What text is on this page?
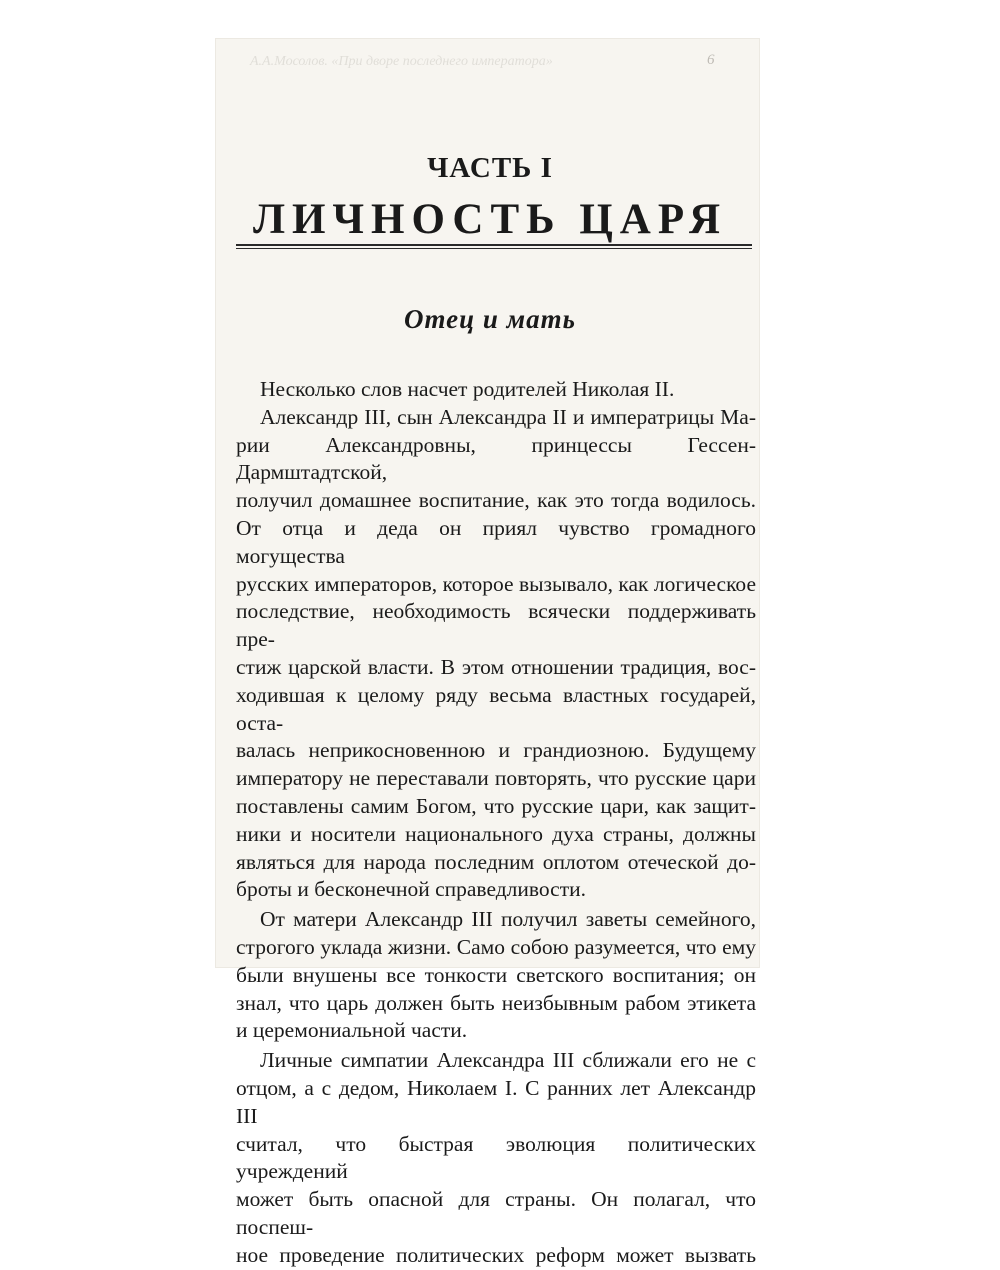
А.А.Мосолов. «При дворе последнего императора»	6
ЧАСТЬ I
ЛИЧНОСТЬ ЦАРЯ
Отец и мать
Несколько слов насчет родителей Николая II.
Александр III, сын Александра II и императрицы Ма-
рии Александровны, принцессы Гессен-Дармштадтской,
получил домашнее воспитание, как это тогда водилось.
От отца и деда он приял чувство громадного могущества
русских императоров, которое вызывало, как логическое
последствие, необходимость всячески поддерживать пре-
стиж царской власти. В этом отношении традиция, вос-
ходившая к целому ряду весьма властных государей, оста-
валась неприкосновенною и грандиозною. Будущему
императору не переставали повторять, что русские цари
поставлены самим Богом, что русские цари, как защит-
ники и носители национального духа страны, должны
являться для народа последним оплотом отеческой до-
броты и бесконечной справедливости.
От матери Александр III получил заветы семейного,
строгого уклада жизни. Само собою разумеется, что ему
были внушены все тонкости светского воспитания; он
знал, что царь должен быть неизбывным рабом этикета
и церемониальной части.
Личные симпатии Александра III сближали его не с
отцом, а с дедом, Николаем I. С ранних лет Александр III
считал, что быстрая эволюция политических учреждений
может быть опасной для страны. Он полагал, что поспеш-
ное проведение политических реформ может вызвать
